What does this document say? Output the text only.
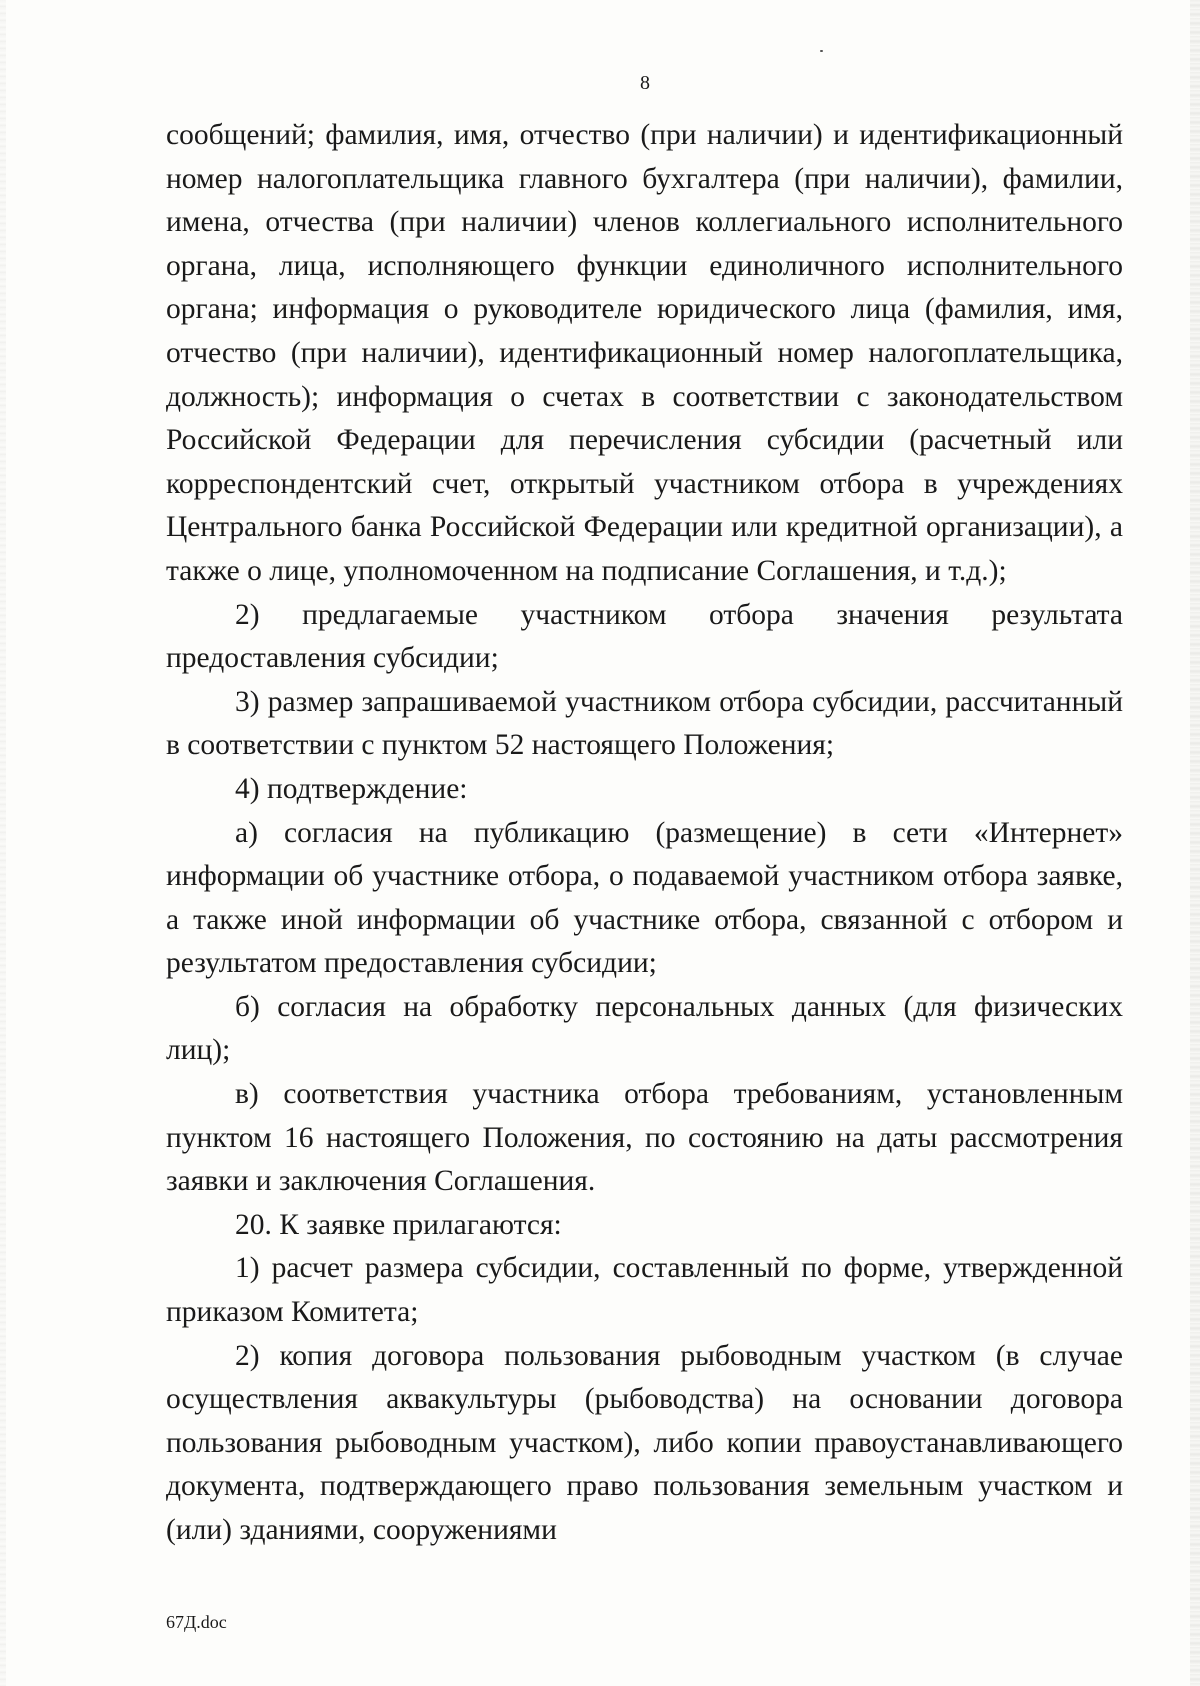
8

сообщений; фамилия, имя, отчество (при наличии) и идентификационный номер налогоплательщика главного бухгалтера (при наличии), фамилии, имена, отчества (при наличии) членов коллегиального исполнительного органа, лица, исполняющего функции единоличного исполнительного органа; информация о руководителе юридического лица (фамилия, имя, отчество (при наличии), идентификационный номер налогоплательщика, должность); информация о счетах в соответствии с законодательством Российской Федерации для перечисления субсидии (расчетный или корреспондентский счет, открытый участником отбора в учреждениях Центрального банка Российской Федерации или кредитной организации), а также о лице, уполномоченном на подписание Соглашения, и т.д.);

2) предлагаемые участником отбора значения результата предоставления субсидии;

3) размер запрашиваемой участником отбора субсидии, рассчитанный в соответствии с пунктом 52 настоящего Положения;

4) подтверждение:

а) согласия на публикацию (размещение) в сети «Интернет» информации об участнике отбора, о подаваемой участником отбора заявке, а также иной информации об участнике отбора, связанной с отбором и результатом предоставления субсидии;

б) согласия на обработку персональных данных (для физических лиц);

в) соответствия участника отбора требованиям, установленным пунктом 16 настоящего Положения, по состоянию на даты рассмотрения заявки и заключения Соглашения.

20. К заявке прилагаются:

1) расчет размера субсидии, составленный по форме, утвержденной приказом Комитета;

2) копия договора пользования рыбоводным участком (в случае осуществления аквакультуры (рыбоводства) на основании договора пользования рыбоводным участком), либо копии правоустанавливающего документа, подтверждающего право пользования земельным участком и (или) зданиями, сооружениями

67Д.doc
